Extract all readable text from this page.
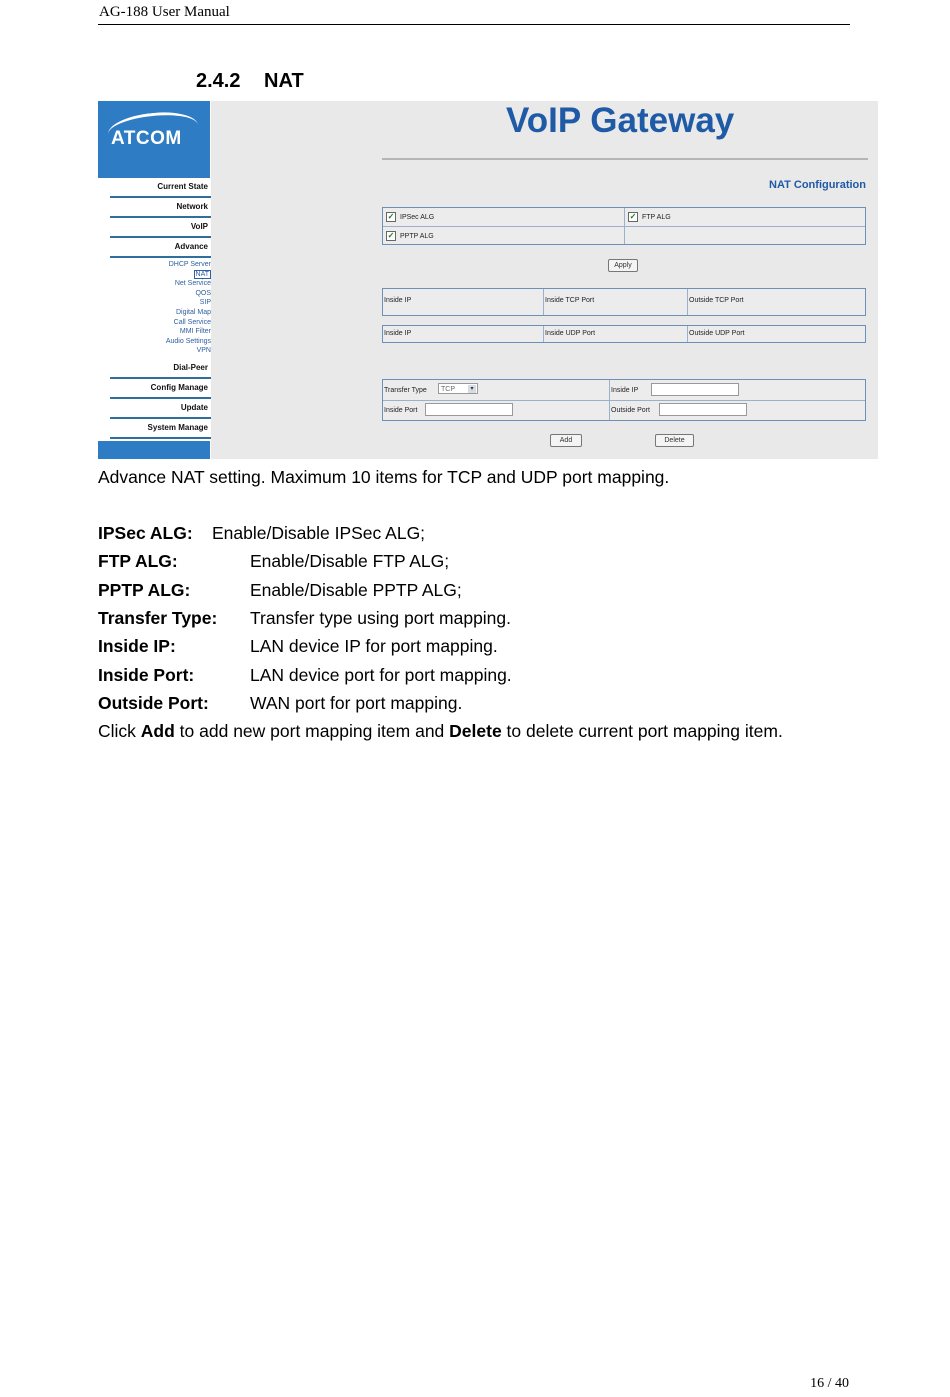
AG-188 User Manual
2.4.2 NAT
ATCOM
Current State
Network
VoIP
Advance
DHCP Server
NAT
Net Service
QOS
SIP
Digital Map
Call Service
MMI Filter
Audio Settings
VPN
Dial-Peer
Config Manage
Update
System Manage
VoIP Gateway
NAT Configuration
✓ IPSec ALG	✓ FTP ALG
✓ PPTP ALG
Apply
Inside IP	Inside TCP Port	Outside TCP Port
Inside IP	Inside UDP Port	Outside UDP Port
Transfer Type	TCP	▾	Inside IP
Inside Port	Outside Port
Add	Delete
Advance NAT setting. Maximum 10 items for TCP and UDP port mapping.
IPSec ALG: Enable/Disable IPSec ALG;
FTP ALG:	Enable/Disable FTP ALG;
PPTP ALG:	Enable/Disable PPTP ALG;
Transfer Type: Transfer type using port mapping.
Inside IP:	LAN device IP for port mapping.
Inside Port:	LAN device port for port mapping.
Outside Port: WAN port for port mapping.
Click Add to add new port mapping item and Delete to delete current port mapping item.
16 / 40
